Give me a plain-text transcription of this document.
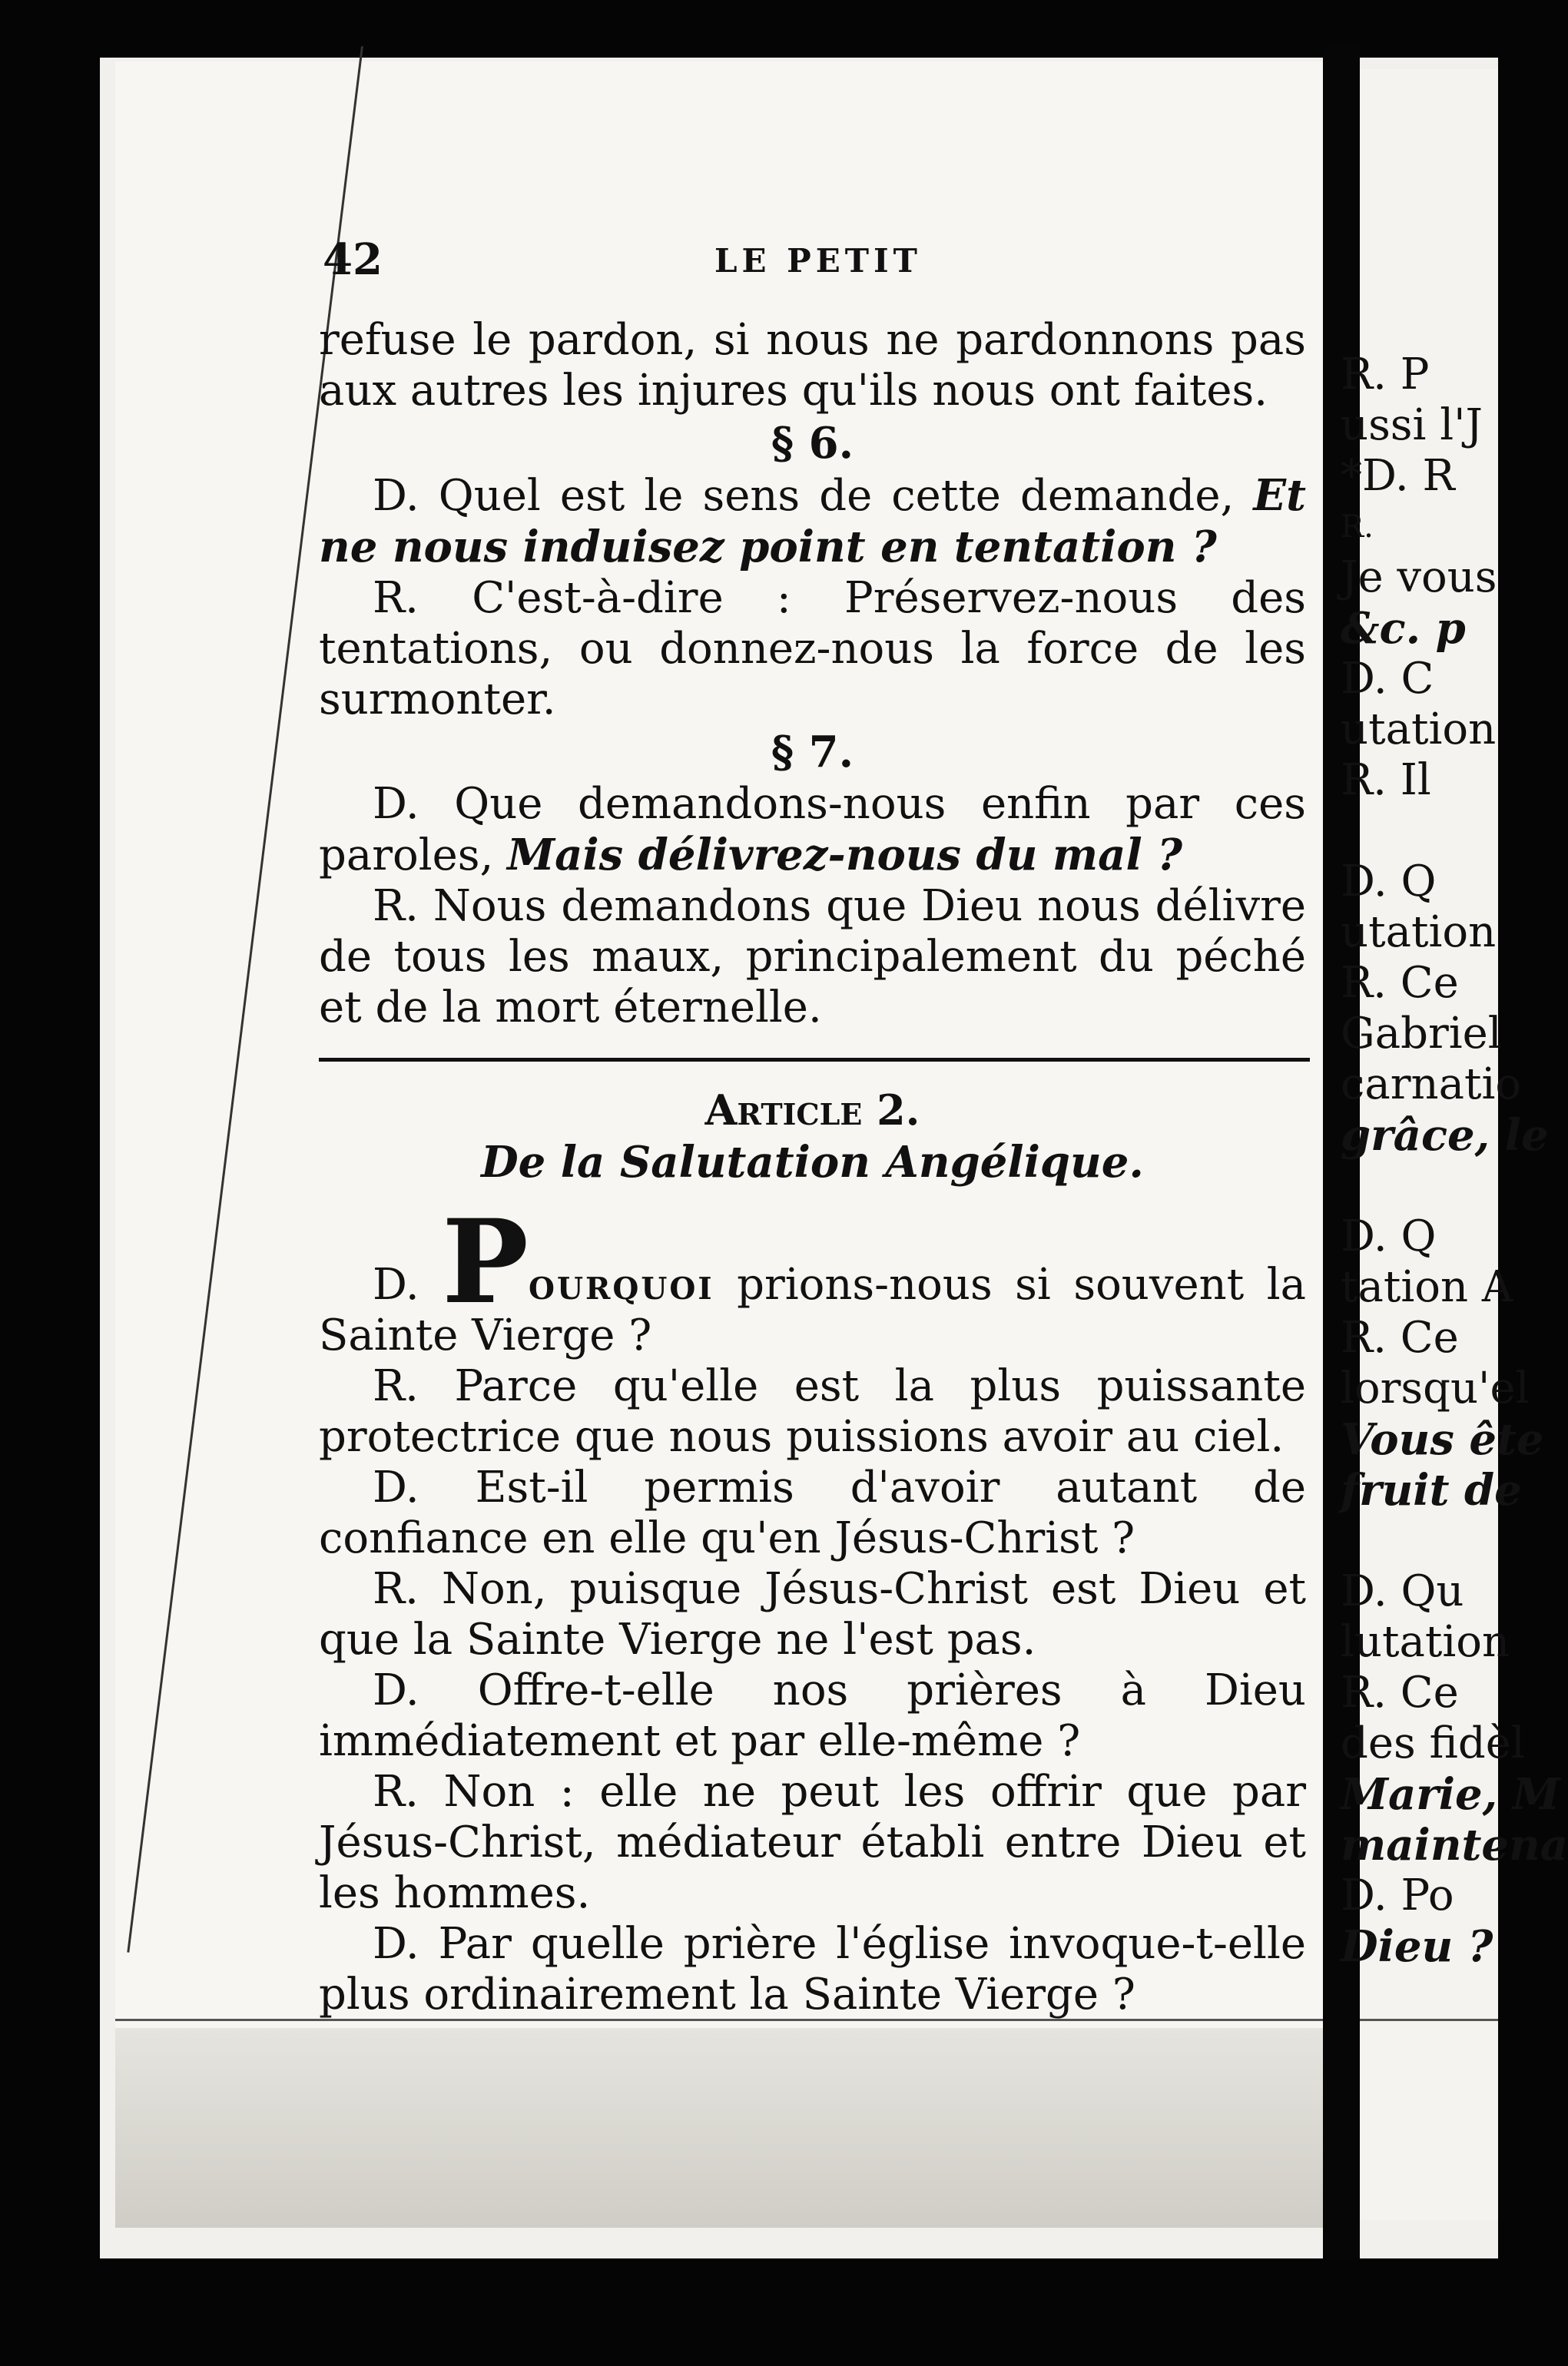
42	LE PETIT

refuse le pardon, si nous ne pardonnons pas aux autres les injures qu'ils nous ont faites.

§ 6.

D. Quel est le sens de cette demande, Et ne nous induisez point en tentation ?

R. C'est-à-dire : Préservez-nous des tentations, ou donnez-nous la force de les surmonter.

§ 7.

D. Que demandons-nous enfin par ces paroles, Mais délivrez-nous du mal ?

R. Nous demandons que Dieu nous délivre de tous les maux, principalement du péché et de la mort éternelle.

Article 2.

De la Salutation Angélique.

D. Pourquoi prions-nous si souvent la Sainte Vierge ?

R. Parce qu'elle est la plus puissante protectrice que nous puissions avoir au ciel.

D. Est-il permis d'avoir autant de confiance en elle qu'en Jésus-Christ ?

R. Non, puisque Jésus-Christ est Dieu et que la Sainte Vierge ne l'est pas.

D. Offre-t-elle nos prières à Dieu immédiatement et par elle-même ?

R. Non : elle ne peut les offrir que par Jésus-Christ, médiateur établi entre Dieu et les hommes.

D. Par quelle prière l'église invoque-t-elle plus ordinairement la Sainte Vierge ?

R. P
ussi l'J
*D. R
R.
Je vous
&c. p
D. C
utation
R. Il

D. Q
utation
R. Ce
Gabriel
carnatio
grâce, le

D. Q
tation A
R. Ce
lorsqu'el
Vous ête
fruit de

D. Qu
lutation
R. Ce
des fidèl
Marie, M
maintena
D. Po
Dieu ?
